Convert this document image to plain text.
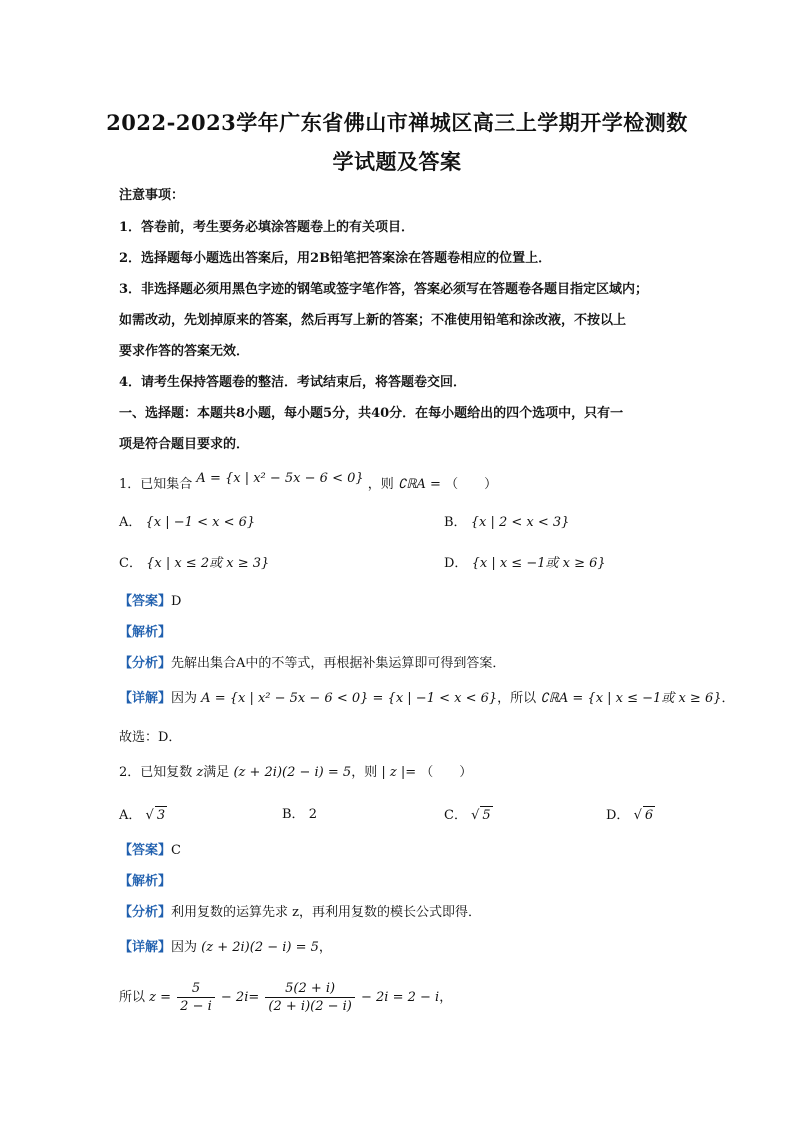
2022-2023学年广东省佛山市禅城区高三上学期开学检测数
学试题及答案
注意事项：
1．答卷前，考生要务必填涂答题卷上的有关项目．
2．选择题每小题选出答案后，用2B铅笔把答案涂在答题卷相应的位置上．
3．非选择题必须用黑色字迹的钢笔或签字笔作答，答案必须写在答题卷各题目指定区域内；
如需改动，先划掉原来的答案，然后再写上新的答案；不准使用铅笔和涂改液，不按以上
要求作答的答案无效．
4．请考生保持答题卷的整洁．考试结束后，将答题卷交回．
一、选择题：本题共8小题，每小题5分，共40分．在每小题给出的四个选项中，只有一
项是符合题目要求的．
1．已知集合 A = {x | x² − 5x − 6 < 0} ，则 ∁ℝA = （　　）
A． {x | −1 < x < 6}	B． {x | 2 < x < 3}
C． {x | x ≤ 2或 x ≥ 3}	D． {x | x ≤ −1或 x ≥ 6}
【答案】D
【解析】
【分析】先解出集合A中的不等式，再根据补集运算即可得到答案．
【详解】因为 A = {x | x² − 5x − 6 < 0} = {x | −1 < x < 6}，所以 ∁ℝA = {x | x ≤ −1或 x ≥ 6}．
故选：D．
2．已知复数 z满足 (z + 2i)(2 − i) = 5，则 | z |= （　　）
A． √ 3	B． 2	C． √ 5	D． √ 6
【答案】C
【解析】
【分析】利用复数的运算先求 z，再利用复数的模长公式即得．
【详解】因为 (z + 2i)(2 − i) = 5，
所以 $z = \frac{5}{2 - i} - 2i= \frac{5(2 + i)}{(2 + i)(2 - i)} - 2i = 2 - i$，
